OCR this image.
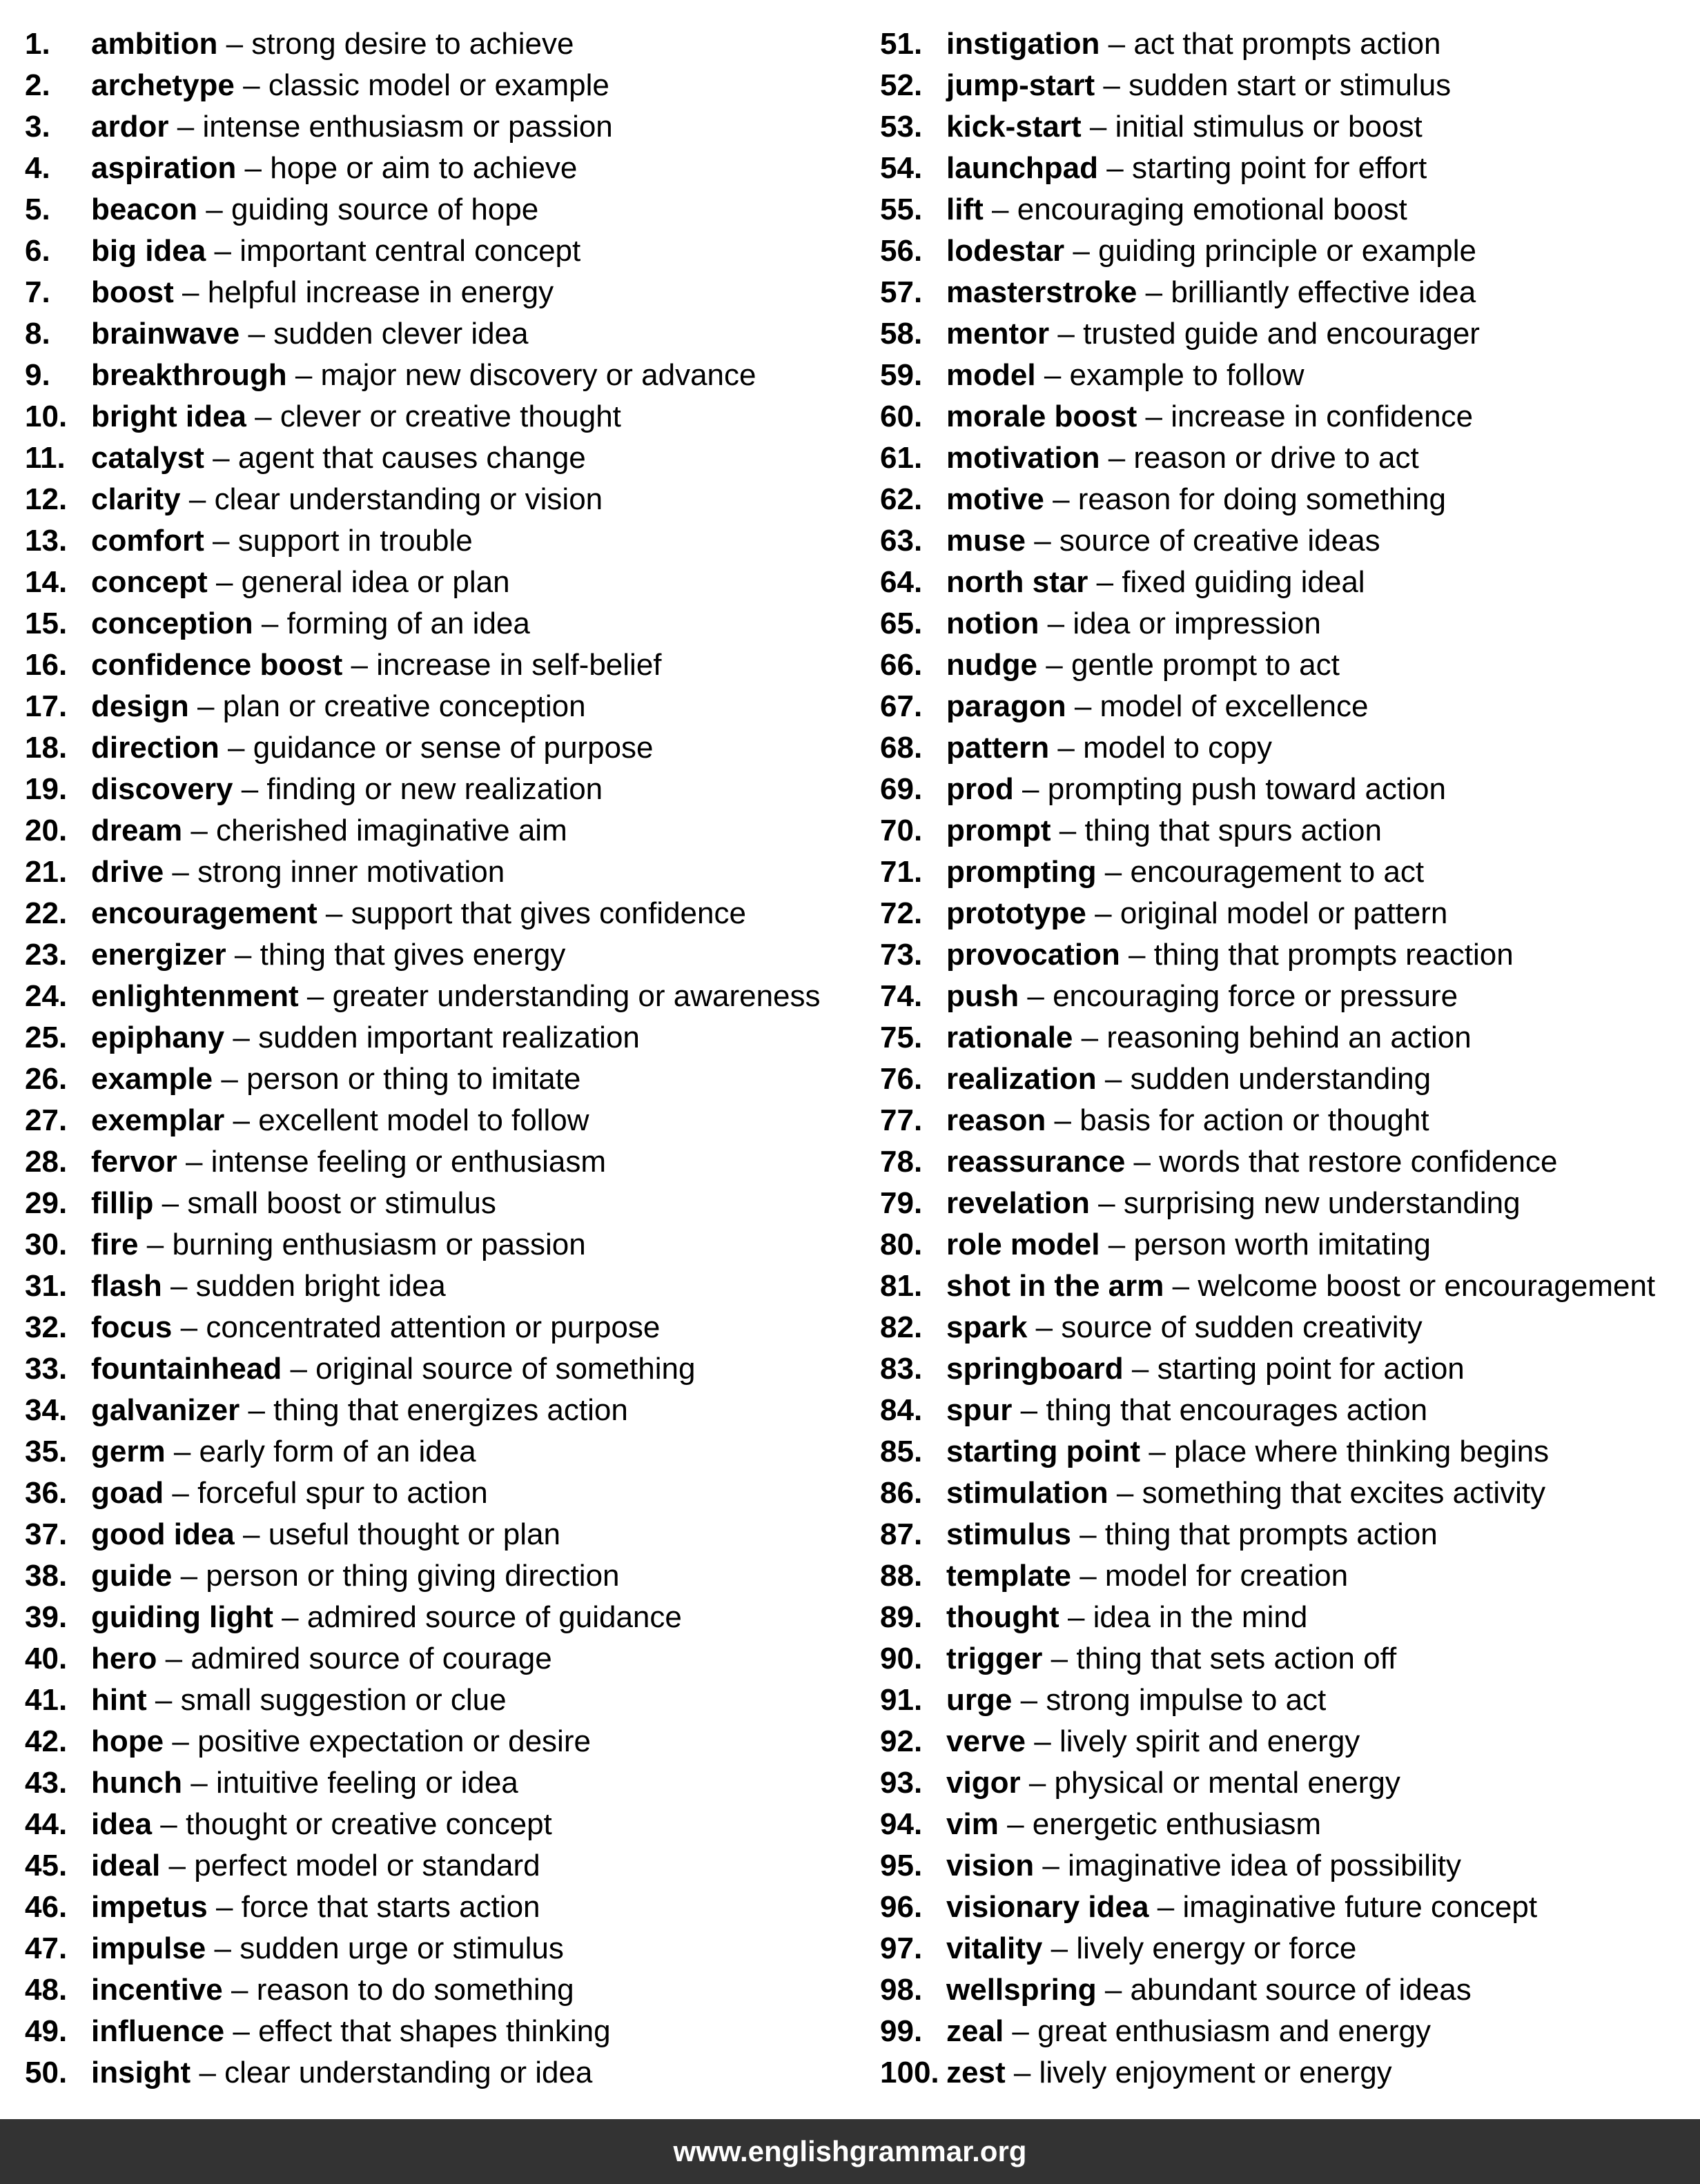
1. ambition – strong desire to achieve
2. archetype – classic model or example
3. ardor – intense enthusiasm or passion
4. aspiration – hope or aim to achieve
5. beacon – guiding source of hope
6. big idea – important central concept
7. boost – helpful increase in energy
8. brainwave – sudden clever idea
9. breakthrough – major new discovery or advance
10. bright idea – clever or creative thought
11. catalyst – agent that causes change
12. clarity – clear understanding or vision
13. comfort – support in trouble
14. concept – general idea or plan
15. conception – forming of an idea
16. confidence boost – increase in self-belief
17. design – plan or creative conception
18. direction – guidance or sense of purpose
19. discovery – finding or new realization
20. dream – cherished imaginative aim
21. drive – strong inner motivation
22. encouragement – support that gives confidence
23. energizer – thing that gives energy
24. enlightenment – greater understanding or awareness
25. epiphany – sudden important realization
26. example – person or thing to imitate
27. exemplar – excellent model to follow
28. fervor – intense feeling or enthusiasm
29. fillip – small boost or stimulus
30. fire – burning enthusiasm or passion
31. flash – sudden bright idea
32. focus – concentrated attention or purpose
33. fountainhead – original source of something
34. galvanizer – thing that energizes action
35. germ – early form of an idea
36. goad – forceful spur to action
37. good idea – useful thought or plan
38. guide – person or thing giving direction
39. guiding light – admired source of guidance
40. hero – admired source of courage
41. hint – small suggestion or clue
42. hope – positive expectation or desire
43. hunch – intuitive feeling or idea
44. idea – thought or creative concept
45. ideal – perfect model or standard
46. impetus – force that starts action
47. impulse – sudden urge or stimulus
48. incentive – reason to do something
49. influence – effect that shapes thinking
50. insight – clear understanding or idea
51. instigation – act that prompts action
52. jump-start – sudden start or stimulus
53. kick-start – initial stimulus or boost
54. launchpad – starting point for effort
55. lift – encouraging emotional boost
56. lodestar – guiding principle or example
57. masterstroke – brilliantly effective idea
58. mentor – trusted guide and encourager
59. model – example to follow
60. morale boost – increase in confidence
61. motivation – reason or drive to act
62. motive – reason for doing something
63. muse – source of creative ideas
64. north star – fixed guiding ideal
65. notion – idea or impression
66. nudge – gentle prompt to act
67. paragon – model of excellence
68. pattern – model to copy
69. prod – prompting push toward action
70. prompt – thing that spurs action
71. prompting – encouragement to act
72. prototype – original model or pattern
73. provocation – thing that prompts reaction
74. push – encouraging force or pressure
75. rationale – reasoning behind an action
76. realization – sudden understanding
77. reason – basis for action or thought
78. reassurance – words that restore confidence
79. revelation – surprising new understanding
80. role model – person worth imitating
81. shot in the arm – welcome boost or encouragement
82. spark – source of sudden creativity
83. springboard – starting point for action
84. spur – thing that encourages action
85. starting point – place where thinking begins
86. stimulation – something that excites activity
87. stimulus – thing that prompts action
88. template – model for creation
89. thought – idea in the mind
90. trigger – thing that sets action off
91. urge – strong impulse to act
92. verve – lively spirit and energy
93. vigor – physical or mental energy
94. vim – energetic enthusiasm
95. vision – imaginative idea of possibility
96. visionary idea – imaginative future concept
97. vitality – lively energy or force
98. wellspring – abundant source of ideas
99. zeal – great enthusiasm and energy
100. zest – lively enjoyment or energy
www.englishgrammar.org
